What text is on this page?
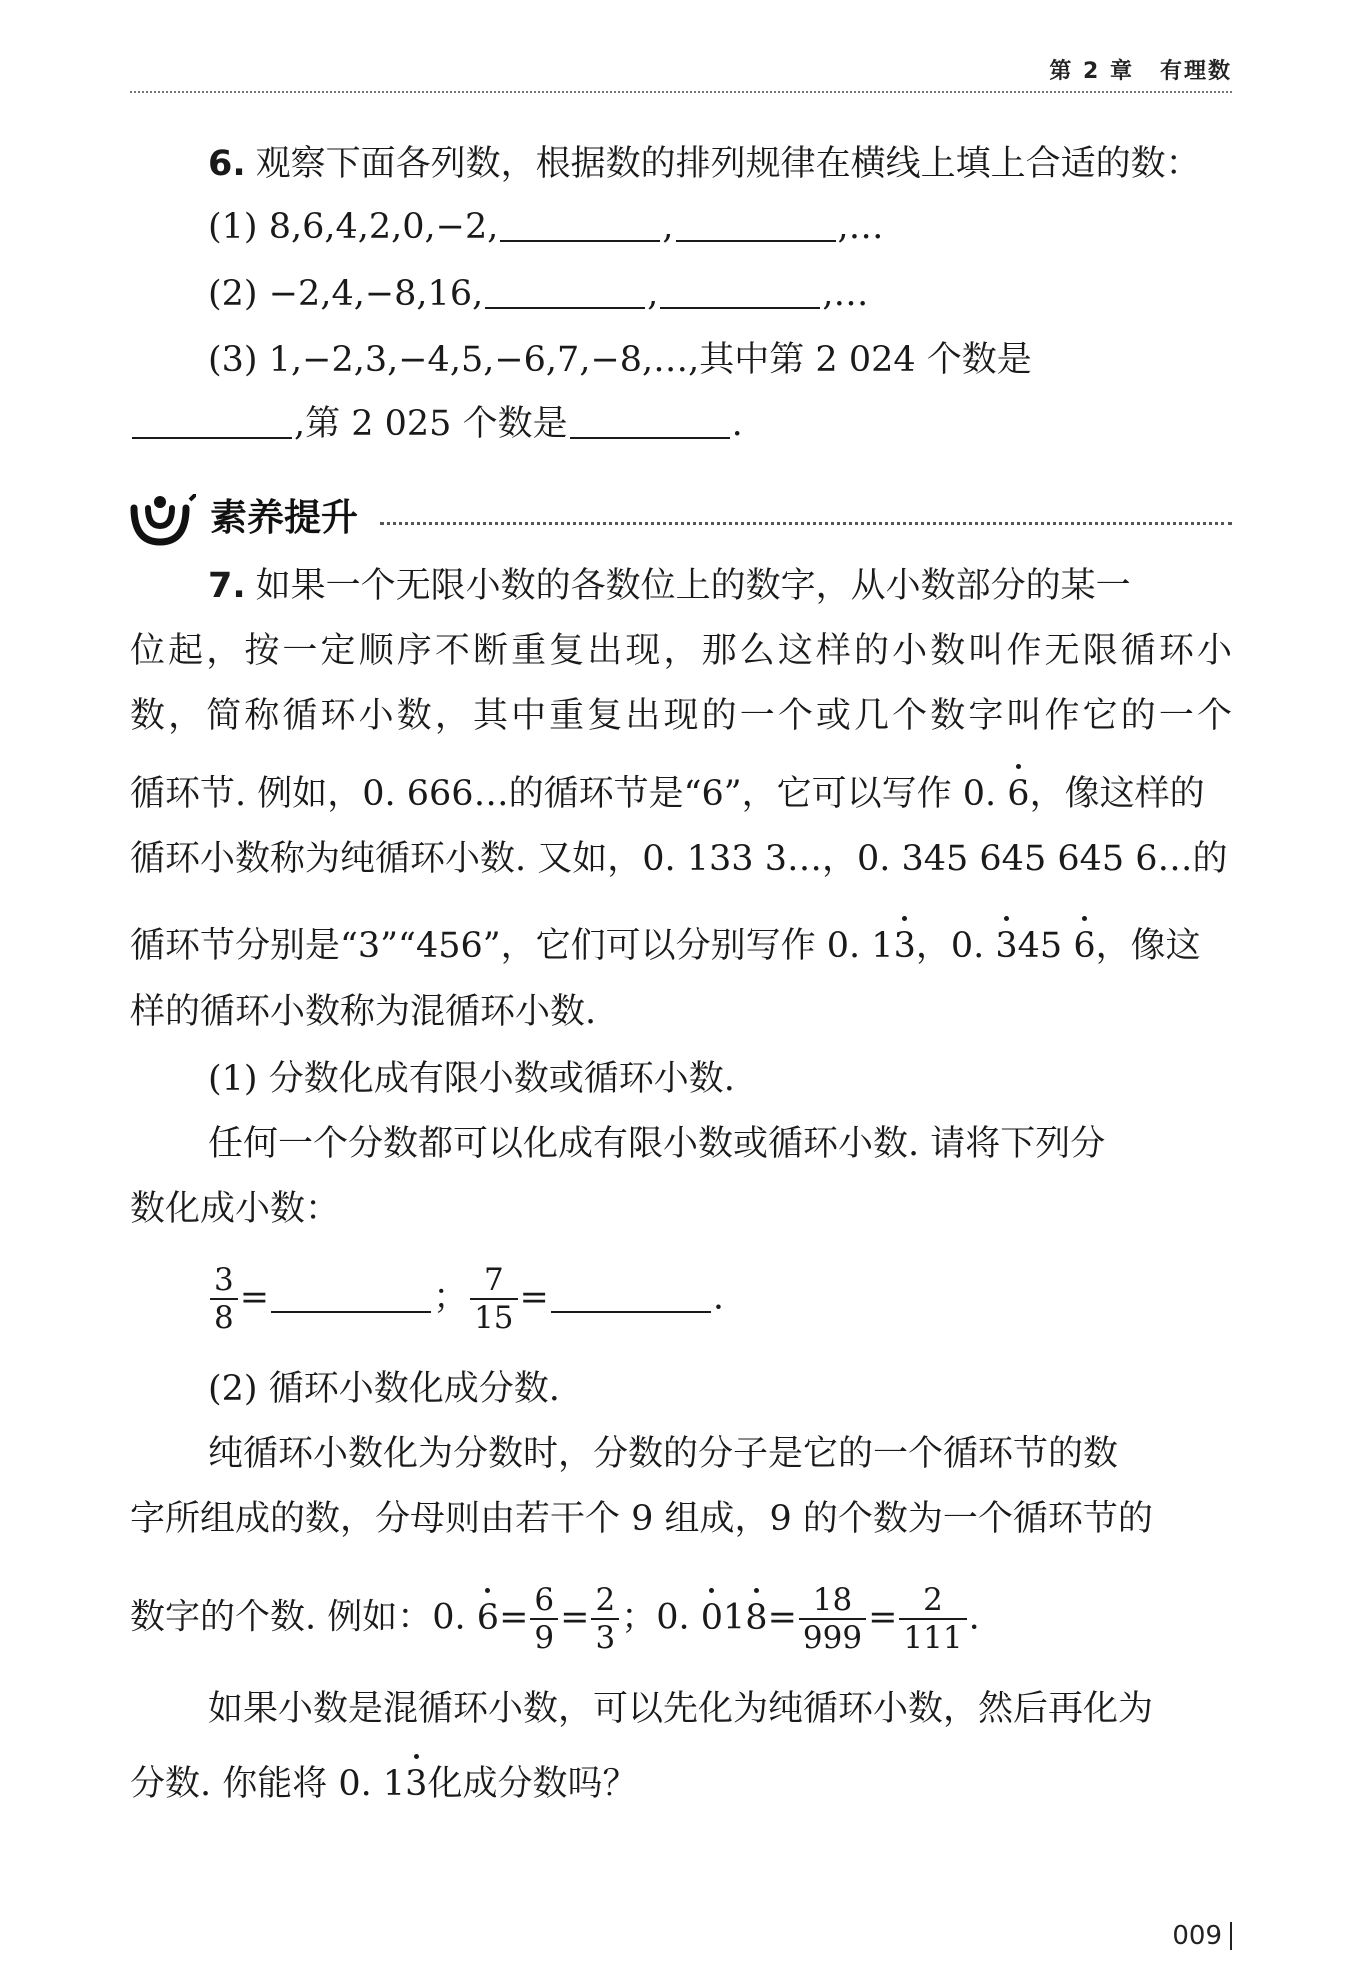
第 2 章 有理数
6. 观察下面各列数，根据数的排列规律在横线上填上合适的数：
(1) 8,6,4,2,0,−2,	,	,…
(2) −2,4,−8,16,	,	,…
(3) 1,−2,3,−4,5,−6,7,−8,…,其中第 2 024 个数是
,第 2 025 个数是	.
素养提升
7. 如果一个无限小数的各数位上的数字，从小数部分的某一
位起，按一定顺序不断重复出现，那么这样的小数叫作无限循环小
数，简称循环小数，其中重复出现的一个或几个数字叫作它的一个
循环节. 例如，0. 666…的循环节是“6”，它可以写作 0. 6，像这样的
循环小数称为纯循环小数. 又如，0. 133 3…，0. 345 645 645 6…的
循环节分别是“3”“456”，它们可以分别写作 0. 13，0. 345 6，像这
样的循环小数称为混循环小数.
(1) 分数化成有限小数或循环小数.
任何一个分数都可以化成有限小数或循环小数. 请将下列分
数化成小数：
$\frac{3}{8}$ =	； $\frac{7}{15}$ =	.
(2) 循环小数化成分数.
纯循环小数化为分数时，分数的分子是它的一个循环节的数
字所组成的数，分母则由若干个 9 组成，9 的个数为一个循环节的
数字的个数. 例如：0. $6= \frac{6}{9} = \frac{2}{3}$ ；0. $018= \frac{18}{999} = \frac{2}{111}$ .
如果小数是混循环小数，可以先化为纯循环小数，然后再化为
分数. 你能将 0. 13化成分数吗？
009
